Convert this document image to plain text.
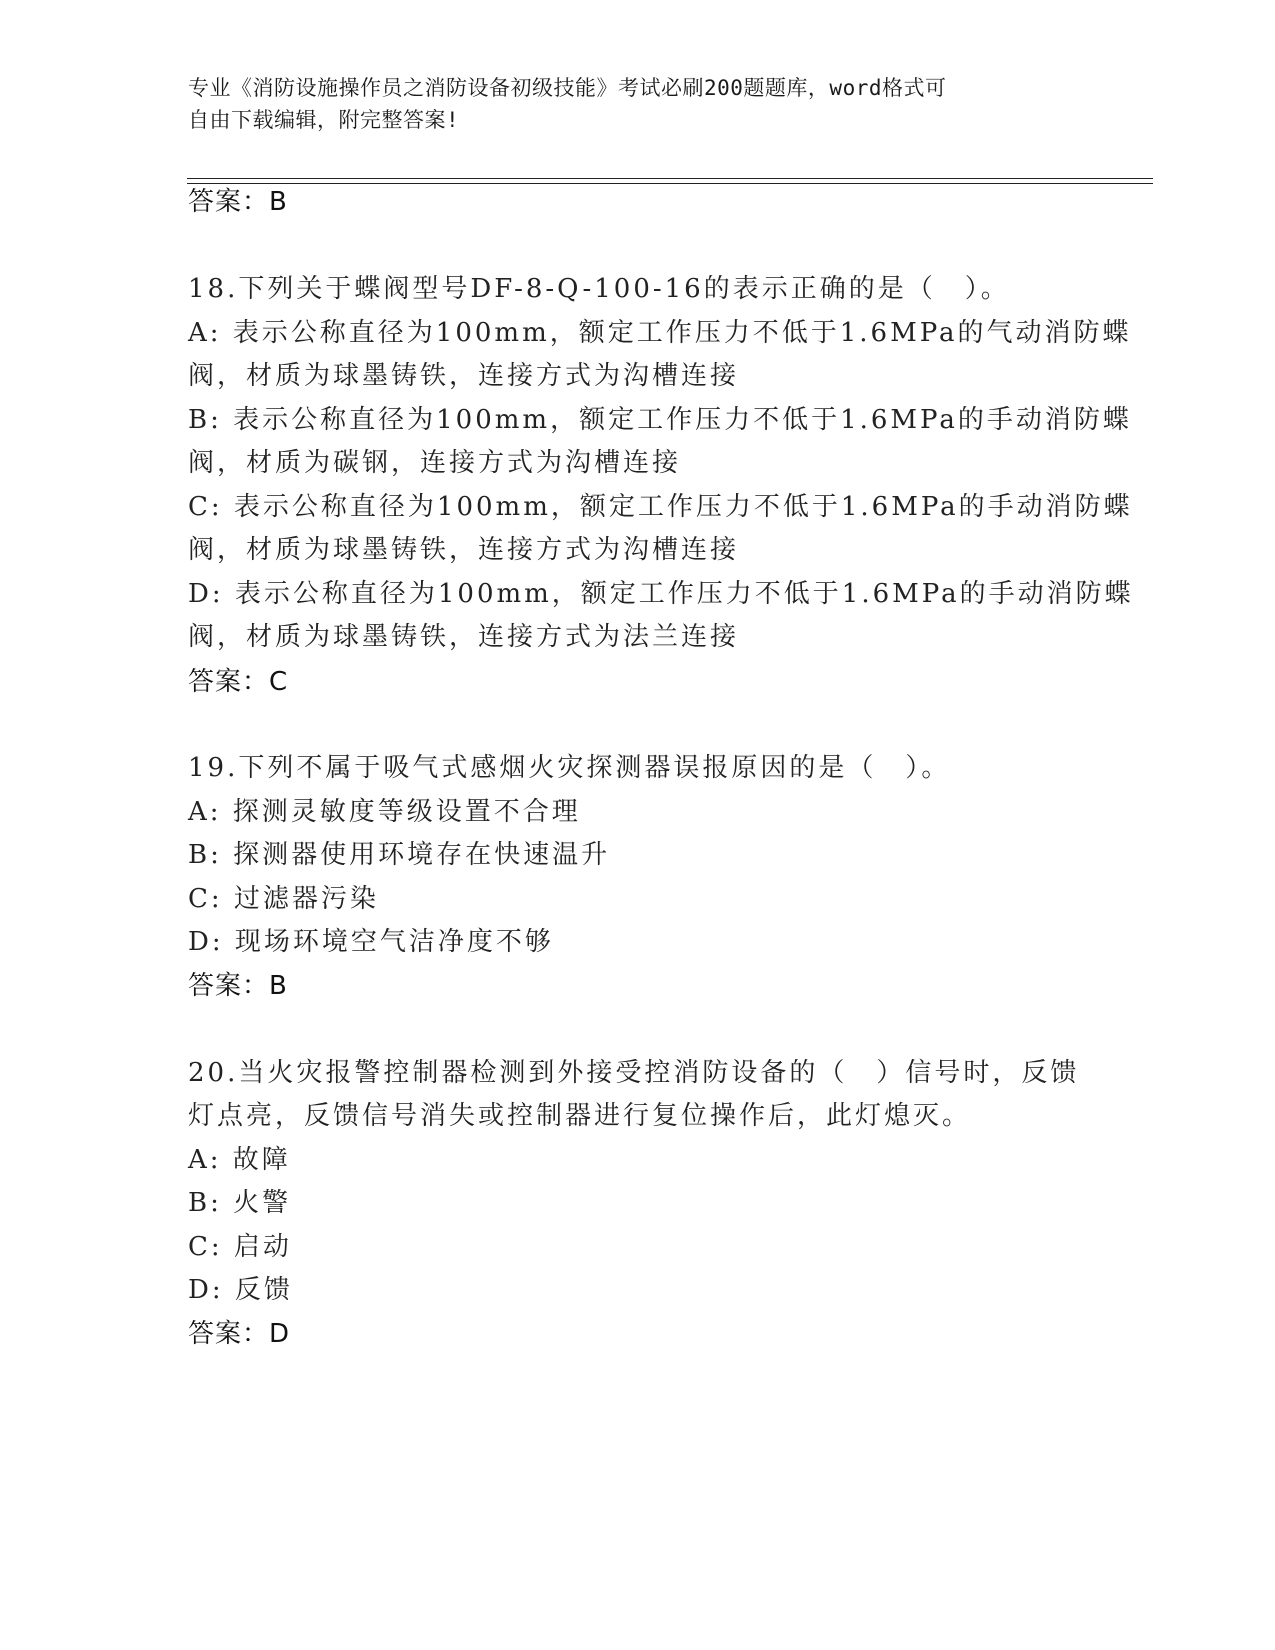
专业《消防设施操作员之消防设备初级技能》考试必刷200题题库，word格式可
自由下载编辑，附完整答案!
答案：B
18.下列关于蝶阀型号DF-8-Q-100-16的表示正确的是（　）。
A: 表示公称直径为100mm，额定工作压力不低于1.6MPa的气动消防蝶
阀，材质为球墨铸铁，连接方式为沟槽连接
B: 表示公称直径为100mm，额定工作压力不低于1.6MPa的手动消防蝶
阀，材质为碳钢，连接方式为沟槽连接
C: 表示公称直径为100mm，额定工作压力不低于1.6MPa的手动消防蝶
阀，材质为球墨铸铁，连接方式为沟槽连接
D: 表示公称直径为100mm，额定工作压力不低于1.6MPa的手动消防蝶
阀，材质为球墨铸铁，连接方式为法兰连接
答案：C
19.下列不属于吸气式感烟火灾探测器误报原因的是（　）。
A: 探测灵敏度等级设置不合理
B: 探测器使用环境存在快速温升
C: 过滤器污染
D: 现场环境空气洁净度不够
答案：B
20.当火灾报警控制器检测到外接受控消防设备的（　）信号时，反馈
灯点亮，反馈信号消失或控制器进行复位操作后，此灯熄灭。
A: 故障
B: 火警
C: 启动
D: 反馈
答案：D
